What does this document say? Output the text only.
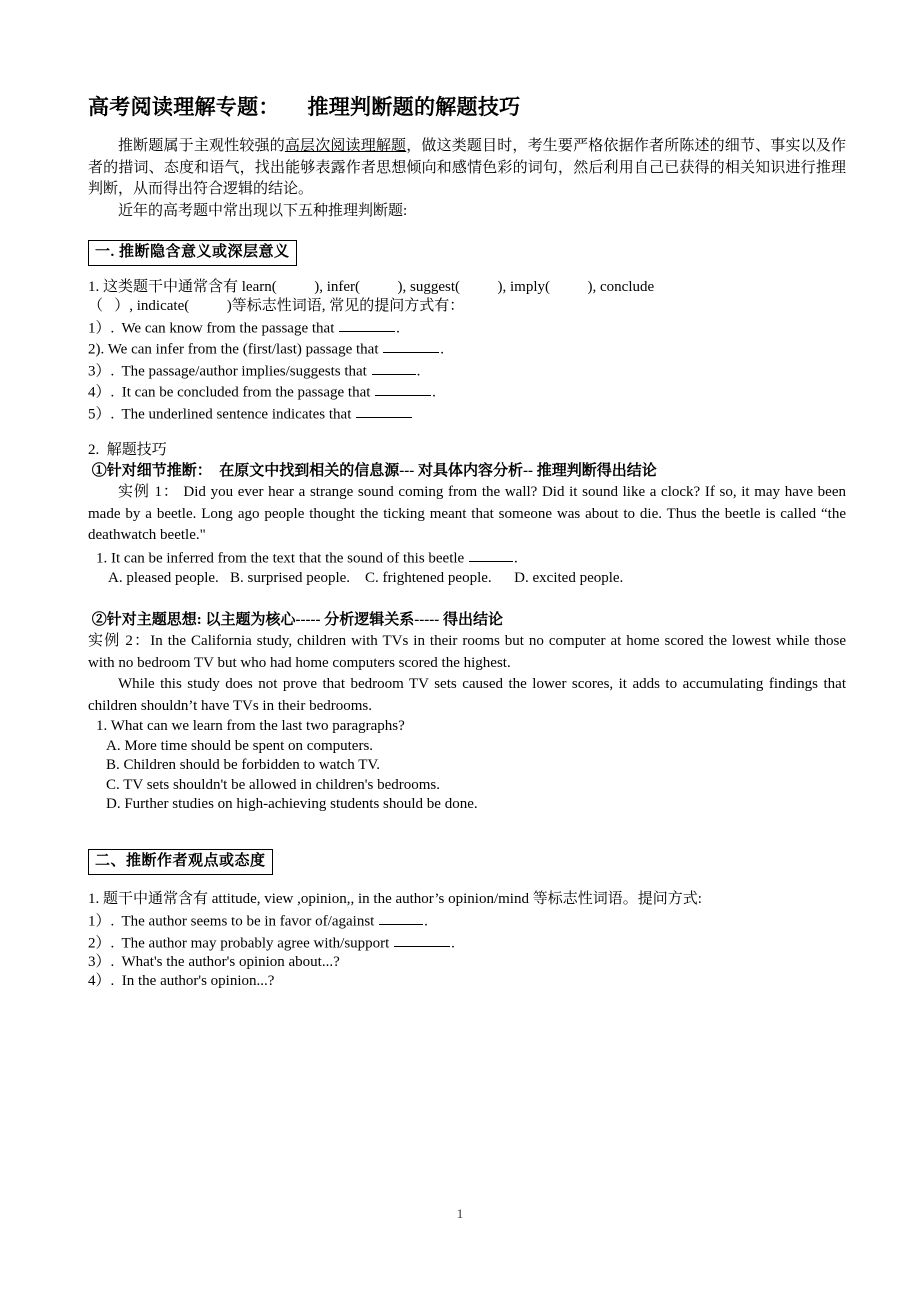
高考阅读理解专题：     推理判断题的解题技巧

推断题属于主观性较强的高层次阅读理解题，做这类题目时，考生要严格依据作者所陈述的细节、事实以及作者的措词、态度和语气，找出能够表露作者思想倾向和感情色彩的词句，然后利用自己已获得的相关知识进行推理判断，从而得出符合逻辑的结论。

近年的高考题中常出现以下五种推理判断题:

一. 推断隐含意义或深层意义

1. 这类题干中通常含有 learn(          ), infer(          ), suggest(          ), imply(          ), conclude

（   ）, indicate(          )等标志性词语, 常见的提问方式有：

1）.  We can know from the passage that	.

2). We can infer from the (first/last) passage that	.

3）.  The passage/author implies/suggests that	.

4）.  It can be concluded from the passage that	.

5）.  The underlined sentence indicates that

2.  解题技巧

①针对细节推断：  在原文中找到相关的信息源--- 对具体内容分析-- 推理判断得出结论

实例 1： Did you ever hear a strange sound coming from the wall? Did it sound like a clock? If so, it may have been made by a beetle. Long ago people thought the ticking meant that someone was about to die. Thus the beetle is called “the deathwatch beetle."

1. It can be inferred from the text that the sound of this beetle	.

A. pleased people. B. surprised people. C. frightened people. D. excited people.

②针对主题思想: 以主题为核心----- 分析逻辑关系----- 得出结论

实例 2：In the California study, children with TVs in their rooms but no computer at home scored the lowest while those with no bedroom TV but who had home computers scored the highest.

While this study does not prove that bedroom TV sets caused the lower scores, it adds to accumulating findings that children shouldn’t have TVs in their bedrooms.

1. What can we learn from the last two paragraphs?

A. More time should be spent on computers.

B. Children should be forbidden to watch TV.

C. TV sets shouldn't be allowed in children's bedrooms.

D. Further studies on high-achieving students should be done.

二、推断作者观点或态度

1. 题干中通常含有 attitude, view ,opinion,, in the author’s opinion/mind 等标志性词语。提问方式:

1）.  The author seems to be in favor of/against	.

2）.  The author may probably agree with/support	.

3）.  What's the author's opinion about...?

4）.  In the author's opinion...?

1
